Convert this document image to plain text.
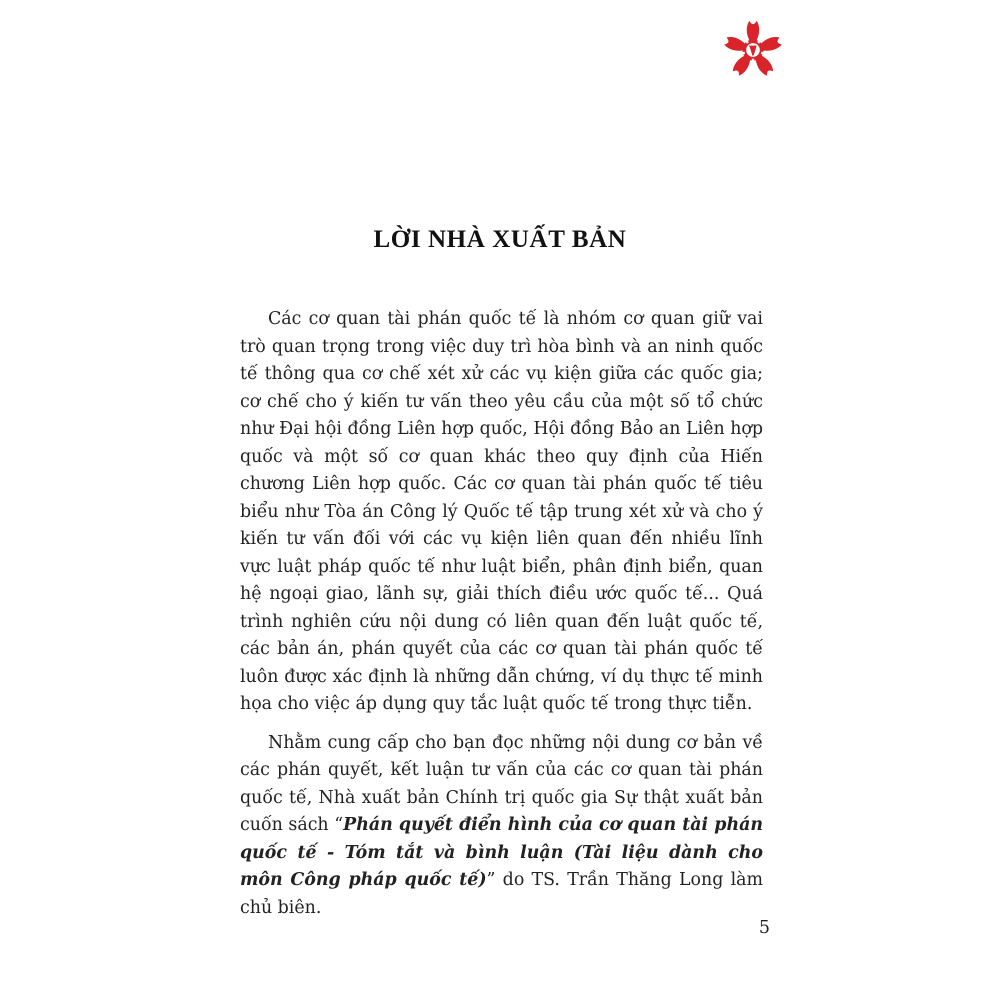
LỜI NHÀ XUẤT BẢN

Các cơ quan tài phán quốc tế là nhóm cơ quan giữ vai trò quan trọng trong việc duy trì hòa bình và an ninh quốc tế thông qua cơ chế xét xử các vụ kiện giữa các quốc gia; cơ chế cho ý kiến tư vấn theo yêu cầu của một số tổ chức như Đại hội đồng Liên hợp quốc, Hội đồng Bảo an Liên hợp quốc và một số cơ quan khác theo quy định của Hiến chương Liên hợp quốc. Các cơ quan tài phán quốc tế tiêu biểu như Tòa án Công lý Quốc tế tập trung xét xử và cho ý kiến tư vấn đối với các vụ kiện liên quan đến nhiều lĩnh vực luật pháp quốc tế như luật biển, phân định biển, quan hệ ngoại giao, lãnh sự, giải thích điều ước quốc tế... Quá trình nghiên cứu nội dung có liên quan đến luật quốc tế, các bản án, phán quyết của các cơ quan tài phán quốc tế luôn được xác định là những dẫn chứng, ví dụ thực tế minh họa cho việc áp dụng quy tắc luật quốc tế trong thực tiễn.

Nhằm cung cấp cho bạn đọc những nội dung cơ bản về các phán quyết, kết luận tư vấn của các cơ quan tài phán quốc tế, Nhà xuất bản Chính trị quốc gia Sự thật xuất bản cuốn sách “Phán quyết điển hình của cơ quan tài phán quốc tế - Tóm tắt và bình luận (Tài liệu dành cho môn Công pháp quốc tế)” do TS. Trần Thăng Long làm chủ biên.

5
